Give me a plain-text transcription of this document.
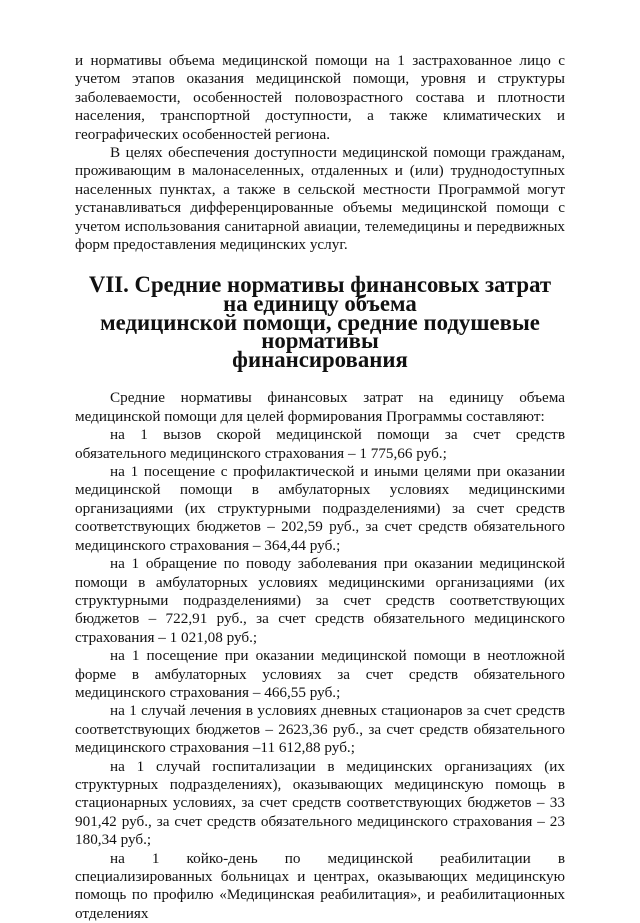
и нормативы объема медицинской помощи на 1 застрахованное лицо с учетом этапов оказания медицинской помощи, уровня и структуры заболеваемости, особенностей половозрастного состава и плотности населения, транспортной доступности, а также климатических и географических особенностей региона.

В целях обеспечения доступности медицинской помощи гражданам, проживающим в малонаселенных, отдаленных и (или) труднодоступных населенных пунктах, а также в сельской местности Программой могут устанавливаться дифференцированные объемы медицинской помощи с учетом использования санитарной авиации, телемедицины и передвижных форм предоставления медицинских услуг.

VII. Средние нормативы финансовых затрат на единицу объема
медицинской помощи, средние подушевые нормативы
финансирования

Средние нормативы финансовых затрат на единицу объема медицинской помощи для целей формирования Программы составляют:

на 1 вызов скорой медицинской помощи за счет средств обязательного медицинского страхования – 1 775,66 руб.;

на 1 посещение с профилактической и иными целями при оказании медицинской помощи в амбулаторных условиях медицинскими организациями (их структурными подразделениями) за счет средств соответствующих бюджетов – 202,59 руб., за счет средств обязательного медицинского страхования – 364,44 руб.;

на 1 обращение по поводу заболевания при оказании медицинской помощи в амбулаторных условиях медицинскими организациями (их структурными подразделениями) за счет средств соответствующих бюджетов – 722,91 руб., за счет средств обязательного медицинского страхования – 1 021,08 руб.;

на 1 посещение при оказании медицинской помощи в неотложной форме в амбулаторных условиях за счет средств обязательного медицинского страхования – 466,55 руб.;

на 1 случай лечения в условиях дневных стационаров за счет средств соответствующих бюджетов – 2623,36 руб., за счет средств обязательного медицинского страхования –11 612,88 руб.;

на 1 случай госпитализации в медицинских организациях (их структурных подразделениях), оказывающих медицинскую помощь в стационарных условиях, за счет средств соответствующих бюджетов – 33 901,42 руб., за счет средств обязательного медицинского страхования – 23 180,34 руб.;

на 1 койко-день по медицинской реабилитации в специализированных больницах и центрах, оказывающих медицинскую помощь по профилю «Медицинская реабилитация», и реабилитационных отделениях
